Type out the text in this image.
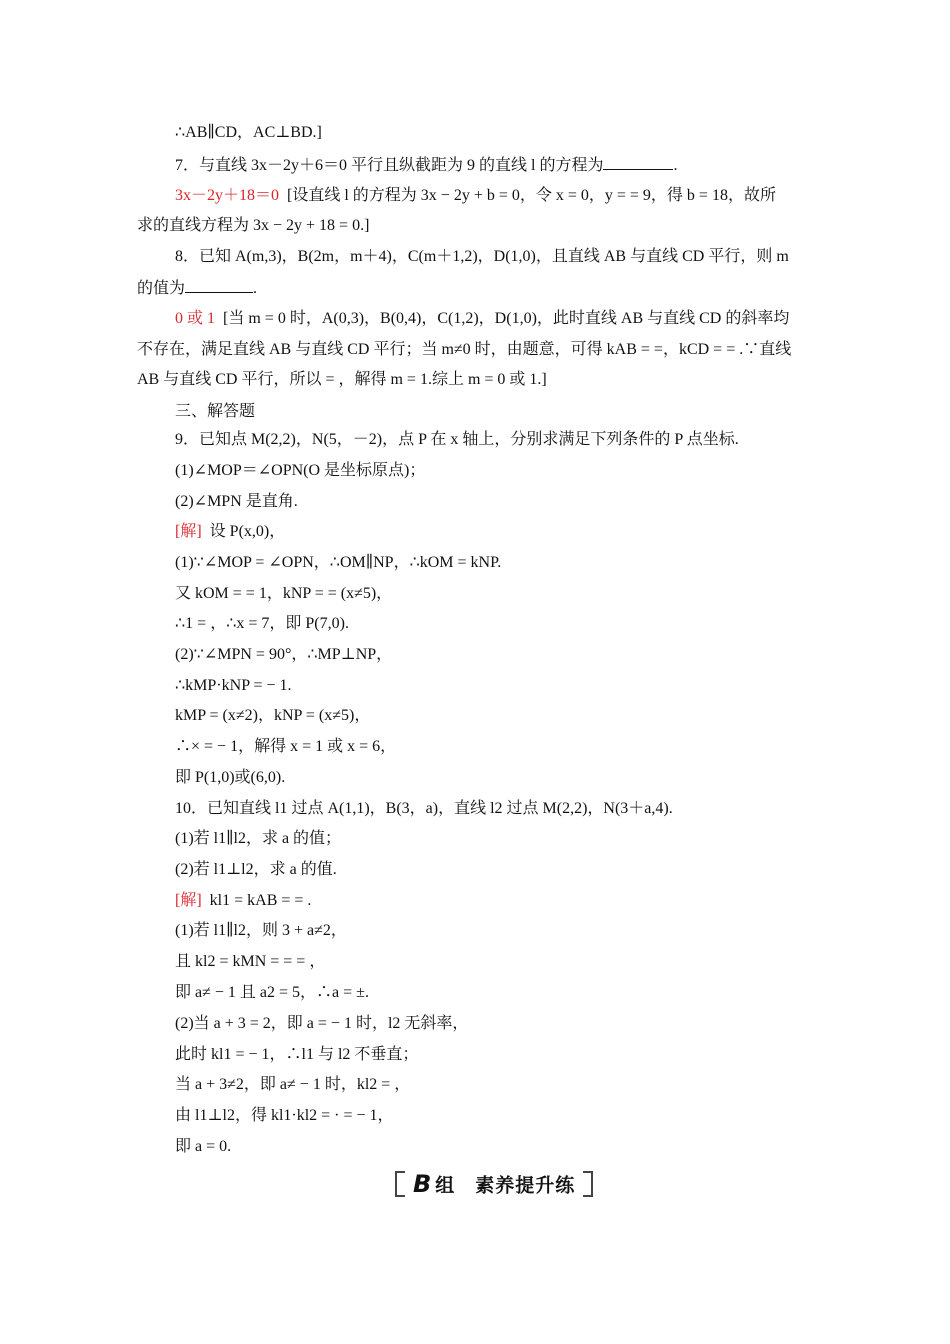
∴AB∥CD，AC⊥BD.]
7．与直线 3x－2y＋6＝0 平行且纵截距为 9 的直线 l 的方程为	.
3x－2y＋18＝0 [设直线 l 的方程为 3x − 2y + b = 0，令 x = 0，y = = 9，得 b = 18，故所
求的直线方程为 3x − 2y + 18 = 0.]
8．已知 A(m,3)，B(2m，m＋4)，C(m＋1,2)，D(1,0)，且直线 AB 与直线 CD 平行，则 m
的值为	.
0 或 1 [当 m = 0 时，A(0,3)，B(0,4)，C(1,2)，D(1,0)，此时直线 AB 与直线 CD 的斜率均
不存在，满足直线 AB 与直线 CD 平行；当 m≠0 时，由题意，可得 kAB = =，kCD = = .∵直线
AB 与直线 CD 平行，所以 = ，解得 m = 1.综上 m = 0 或 1.]
三、解答题
9．已知点 M(2,2)，N(5，－2)，点 P 在 x 轴上，分别求满足下列条件的 P 点坐标.
(1)∠MOP＝∠OPN(O 是坐标原点)；
(2)∠MPN 是直角.
[解] 设 P(x,0)，
(1)∵∠MOP = ∠OPN，∴OM∥NP，∴kOM = kNP.
又 kOM = = 1，kNP = = (x≠5)，
∴1 = ，∴x = 7，即 P(7,0).
(2)∵∠MPN = 90°，∴MP⊥NP，
∴kMP·kNP = − 1.
kMP = (x≠2)，kNP = (x≠5)，
∴× = − 1，解得 x = 1 或 x = 6，
即 P(1,0)或(6,0).
10．已知直线 l1 过点 A(1,1)，B(3，a)，直线 l2 过点 M(2,2)，N(3＋a,4).
(1)若 l1∥l2，求 a 的值；
(2)若 l1⊥l2，求 a 的值.
[解] kl1 = kAB = = .
(1)若 l1∥l2，则 3 + a≠2，
且 kl2 = kMN = = = ，
即 a≠ − 1 且 a2 = 5，∴a = ±.
(2)当 a + 3 = 2，即 a = − 1 时，l2 无斜率，
此时 kl1 = − 1，∴l1 与 l2 不垂直；
当 a + 3≠2，即 a≠ − 1 时，kl2 = ，
由 l1⊥l2，得 kl1·kl2 = · = − 1，
即 a = 0.
B 组　素养提升练
